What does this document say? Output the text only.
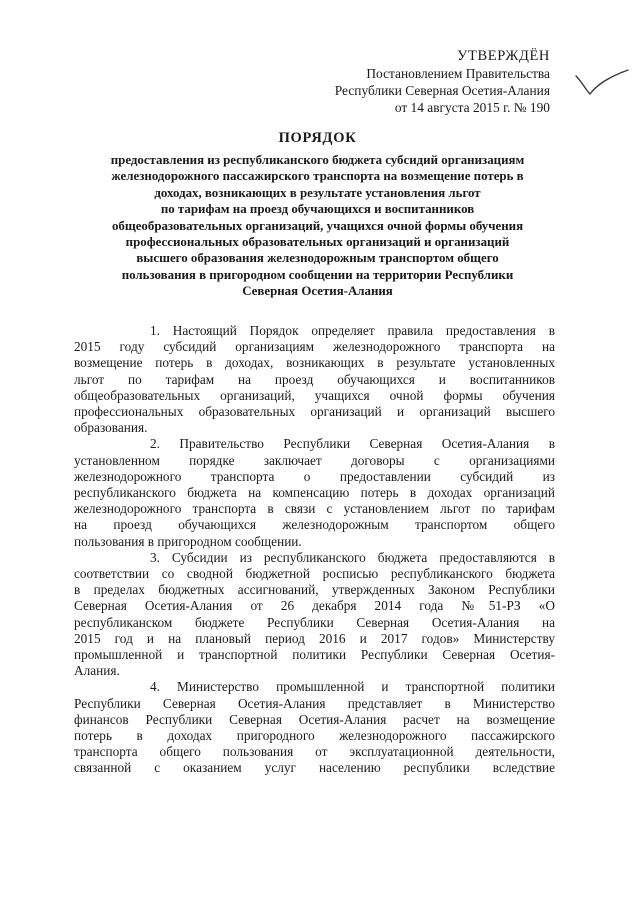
УТВЕРЖДЁН
Постановлением Правительства
Республики Северная Осетия-Алания
от 14 августа 2015 г. № 190
ПОРЯДОК
предоставления из республиканского бюджета субсидий организациям
железнодорожного пассажирского транспорта на возмещение потерь в
доходах, возникающих в результате установления льгот
по тарифам на проезд обучающихся и воспитанников
общеобразовательных организаций, учащихся очной формы обучения
профессиональных образовательных организаций и организаций
высшего образования железнодорожным транспортом общего
пользования в пригородном сообщении на территории Республики
Северная Осетия-Алания
1. Настоящий Порядок определяет правила предоставления в
2015 году субсидий организациям железнодорожного транспорта на
возмещение потерь в доходах, возникающих в результате установленных
льгот по тарифам на проезд обучающихся и воспитанников
общеобразовательных организаций, учащихся очной формы обучения
профессиональных образовательных организаций и организаций высшего
образования.
2. Правительство Республики Северная Осетия-Алания в
установленном порядке заключает договоры с организациями
железнодорожного транспорта о предоставлении субсидий из
республиканского бюджета на компенсацию потерь в доходах организаций
железнодорожного транспорта в связи с установлением льгот по тарифам
на проезд обучающихся железнодорожным транспортом общего
пользования в пригородном сообщении.
3. Субсидии из республиканского бюджета предоставляются в
соответствии со сводной бюджетной росписью республиканского бюджета
в пределах бюджетных ассигнований, утвержденных Законом Республики
Северная Осетия-Алания от 26 декабря 2014 года №51-РЗ «О
республиканском бюджете Республики Северная Осетия-Алания на
2015 год и на плановый период 2016 и 2017 годов» Министерству
промышленной и транспортной политики Республики Северная Осетия-
Алания.
4. Министерство промышленной и транспортной политики
Республики Северная Осетия-Алания представляет в Министерство
финансов Республики Северная Осетия-Алания расчет на возмещение
потерь в доходах пригородного железнодорожного пассажирского
транспорта общего пользования от эксплуатационной деятельности,
связанной с оказанием услуг населению республики вследствие
